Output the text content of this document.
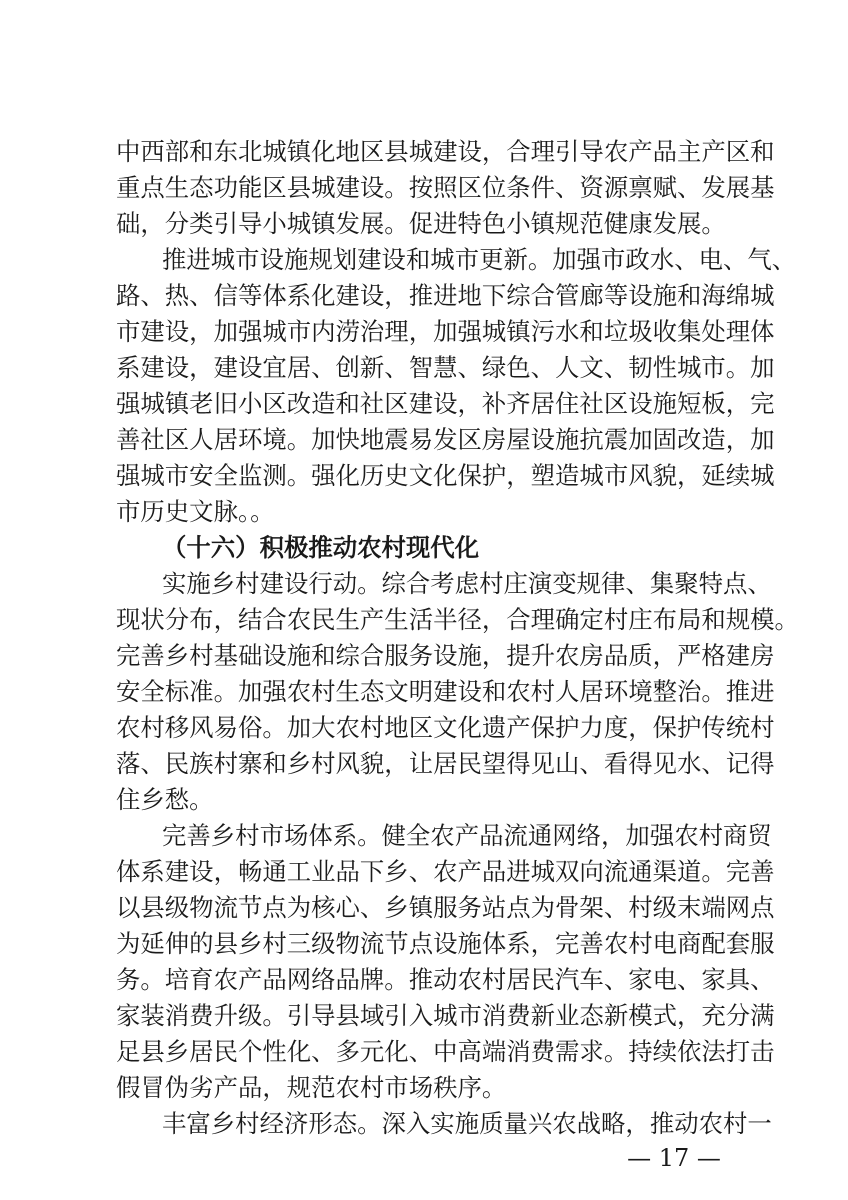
中西部和东北城镇化地区县城建设，合理引导农产品主产区和
重点生态功能区县城建设。按照区位条件、资源禀赋、发展基
础，分类引导小城镇发展。促进特色小镇规范健康发展。
推进城市设施规划建设和城市更新。加强市政水、电、气、
路、热、信等体系化建设，推进地下综合管廊等设施和海绵城
市建设，加强城市内涝治理，加强城镇污水和垃圾收集处理体
系建设，建设宜居、创新、智慧、绿色、人文、韧性城市。加
强城镇老旧小区改造和社区建设，补齐居住社区设施短板，完
善社区人居环境。加快地震易发区房屋设施抗震加固改造，加
强城市安全监测。强化历史文化保护，塑造城市风貌，延续城
市历史文脉。。
（十六）积极推动农村现代化
实施乡村建设行动。综合考虑村庄演变规律、集聚特点、
现状分布，结合农民生产生活半径，合理确定村庄布局和规模。
完善乡村基础设施和综合服务设施，提升农房品质，严格建房
安全标准。加强农村生态文明建设和农村人居环境整治。推进
农村移风易俗。加大农村地区文化遗产保护力度，保护传统村
落、民族村寨和乡村风貌，让居民望得见山、看得见水、记得
住乡愁。
完善乡村市场体系。健全农产品流通网络，加强农村商贸
体系建设，畅通工业品下乡、农产品进城双向流通渠道。完善
以县级物流节点为核心、乡镇服务站点为骨架、村级末端网点
为延伸的县乡村三级物流节点设施体系，完善农村电商配套服
务。培育农产品网络品牌。推动农村居民汽车、家电、家具、
家装消费升级。引导县域引入城市消费新业态新模式，充分满
足县乡居民个性化、多元化、中高端消费需求。持续依法打击
假冒伪劣产品，规范农村市场秩序。
丰富乡村经济形态。深入实施质量兴农战略，推动农村一
— 17 —
